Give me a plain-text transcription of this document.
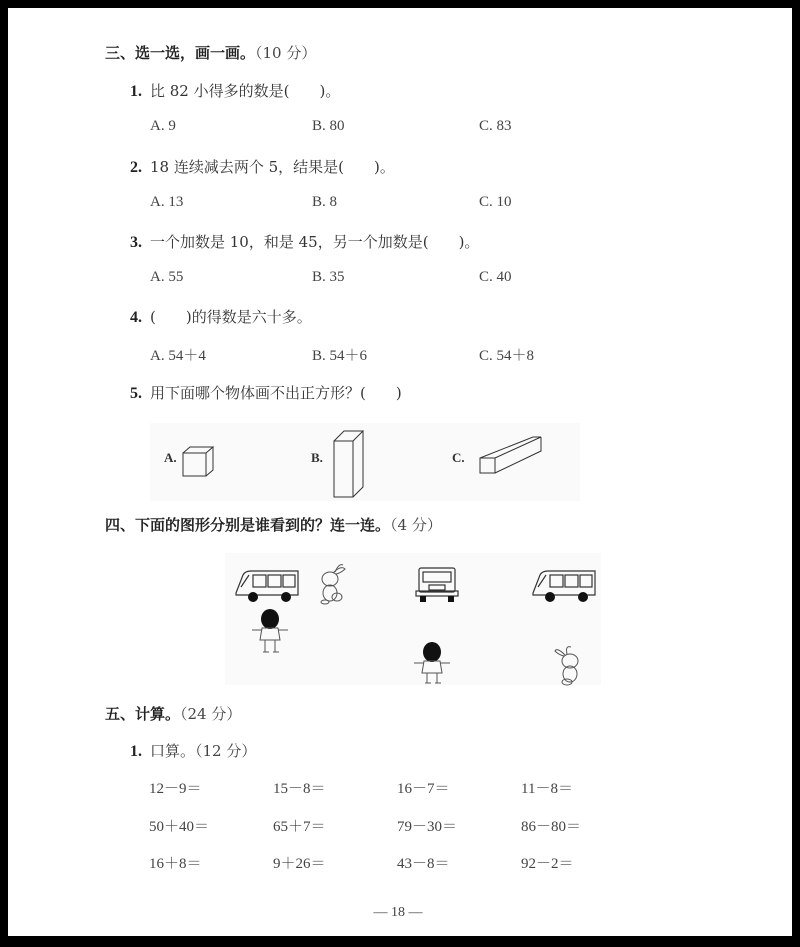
三、选一选，画一画。（10 分）
1. 比 82 小得多的数是(　　)。
A. 9	B. 80	C. 83
2. 18 连续减去两个 5，结果是(　　)。
A. 13	B. 8	C. 10
3. 一个加数是 10，和是 45，另一个加数是(　　)。
A. 55	B. 35	C. 40
4. (　　)的得数是六十多。
A. 54＋4	B. 54＋6	C. 54＋8
5. 用下面哪个物体画不出正方形？(　　)
A.	B.	C.
四、下面的图形分别是谁看到的？连一连。（4 分）
五、计算。（24 分）
1. 口算。（12 分）
12－9＝	15－8＝	16－7＝	11－8＝
50＋40＝	65＋7＝	79－30＝	86－80＝
16＋8＝	9＋26＝	43－8＝	92－2＝
— 18 —
